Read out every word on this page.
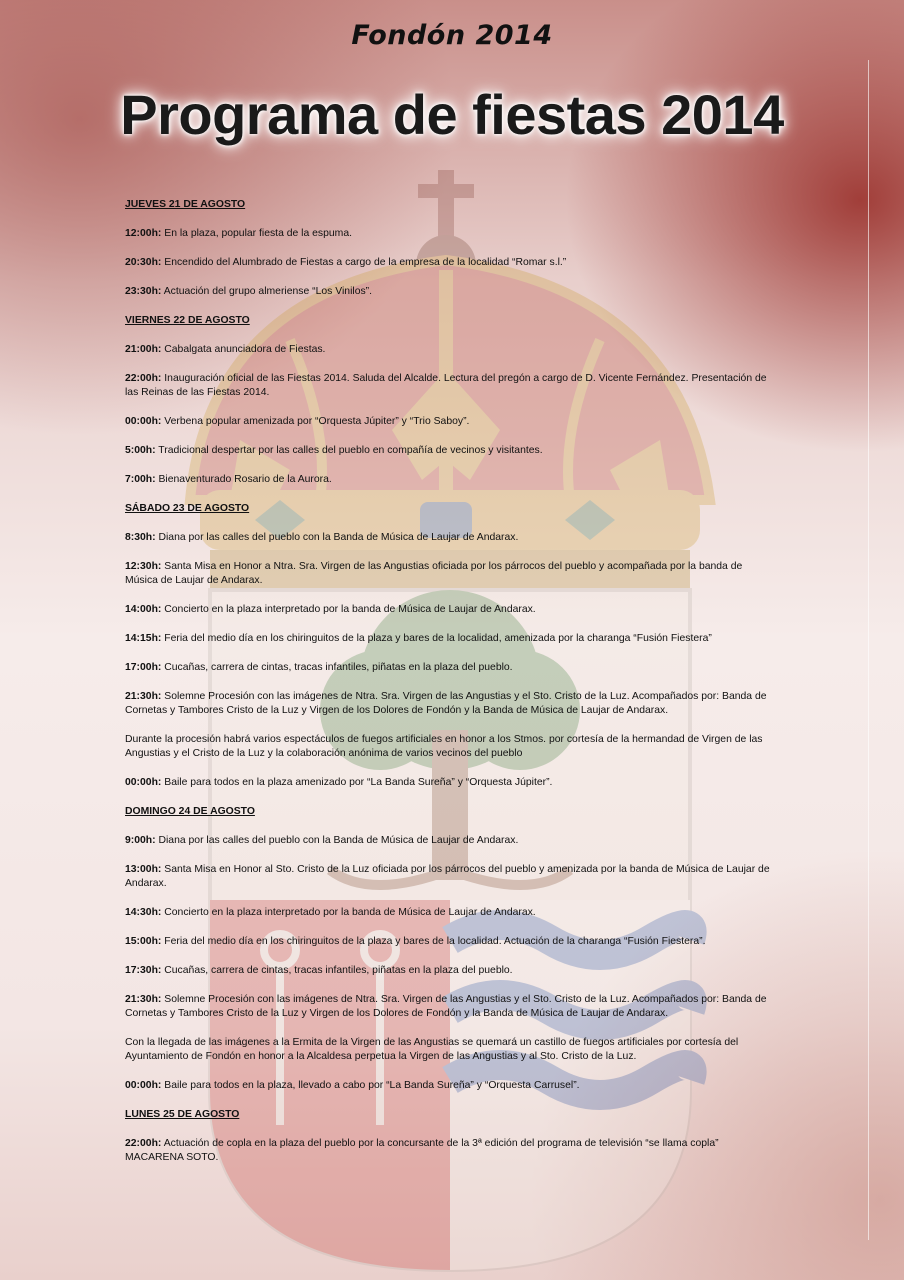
Fondón 2014
Programa de fiestas 2014
JUEVES 21 DE AGOSTO
12:00h: En la plaza, popular fiesta de la espuma.
20:30h: Encendido del Alumbrado de Fiestas a cargo de la empresa de la localidad “Romar s.l.”
23:30h: Actuación del grupo almeriense “Los Vinilos”.
VIERNES 22 DE AGOSTO
21:00h: Cabalgata anunciadora de Fiestas.
22:00h: Inauguración oficial de las Fiestas 2014. Saluda del Alcalde. Lectura del pregón a cargo de D. Vicente Fernández. Presentación de las Reinas de las Fiestas 2014.
00:00h: Verbena popular amenizada por “Orquesta Júpiter” y “Trio Saboy”.
5:00h: Tradicional despertar por las calles del pueblo en compañía de vecinos y visitantes.
7:00h: Bienaventurado Rosario de la Aurora.
SÁBADO 23 DE AGOSTO
8:30h: Diana por las calles del pueblo con la Banda de Música de Laujar de Andarax.
12:30h: Santa Misa en Honor a Ntra. Sra. Virgen de las Angustias oficiada por los párrocos del pueblo y acompañada por la banda de Música de Laujar de Andarax.
14:00h: Concierto en la plaza interpretado por la banda de Música de Laujar de Andarax.
14:15h: Feria del medio día en los chiringuitos de la plaza y bares de la localidad, amenizada por la charanga “Fusión Fiestera”
17:00h: Cucañas, carrera de cintas, tracas infantiles, piñatas en la plaza del pueblo.
21:30h: Solemne Procesión con las imágenes de Ntra. Sra. Virgen de las Angustias y el Sto. Cristo de la Luz. Acompañados por: Banda de Cornetas y Tambores Cristo de la Luz y Virgen de los Dolores de Fondón y la Banda de Música de Laujar de Andarax.
Durante la procesión habrá varios espectáculos de fuegos artificiales en honor a los Stmos. por cortesía de la hermandad de Virgen de las Angustias y el Cristo de la Luz y la colaboración anónima de varios vecinos del pueblo
00:00h: Baile para todos en la plaza amenizado por “La Banda Sureña” y “Orquesta Júpiter”.
DOMINGO 24 DE AGOSTO
9:00h: Diana por las calles del pueblo con la Banda de Música de Laujar de Andarax.
13:00h: Santa Misa en Honor al Sto. Cristo de la Luz oficiada por los párrocos del pueblo y amenizada por la banda de Música de Laujar de Andarax.
14:30h: Concierto en la plaza interpretado por la banda de Música de Laujar de Andarax.
15:00h: Feria del medio día en los chiringuitos de la plaza y bares de la localidad. Actuación de la charanga “Fusión Fiestera”.
17:30h: Cucañas, carrera de cintas, tracas infantiles, piñatas en la plaza del pueblo.
21:30h: Solemne Procesión con las imágenes de Ntra. Sra. Virgen de las Angustias y el Sto. Cristo de la Luz. Acompañados por: Banda de Cornetas y Tambores Cristo de la Luz y Virgen de los Dolores de Fondón y la Banda de Música de Laujar de Andarax.
Con la llegada de las imágenes a la Ermita de la Virgen de las Angustias se quemará un castillo de fuegos artificiales por cortesía del Ayuntamiento de Fondón en honor a la Alcaldesa perpetua la Virgen de las Angustias y al Sto. Cristo de la Luz.
00:00h: Baile para todos en la plaza, llevado a cabo por “La Banda Sureña” y “Orquesta Carrusel”.
LUNES 25 DE AGOSTO
22:00h: Actuación de copla en la plaza del pueblo por la concursante de la 3ª edición del programa de televisión “se llama copla” MACARENA SOTO.
